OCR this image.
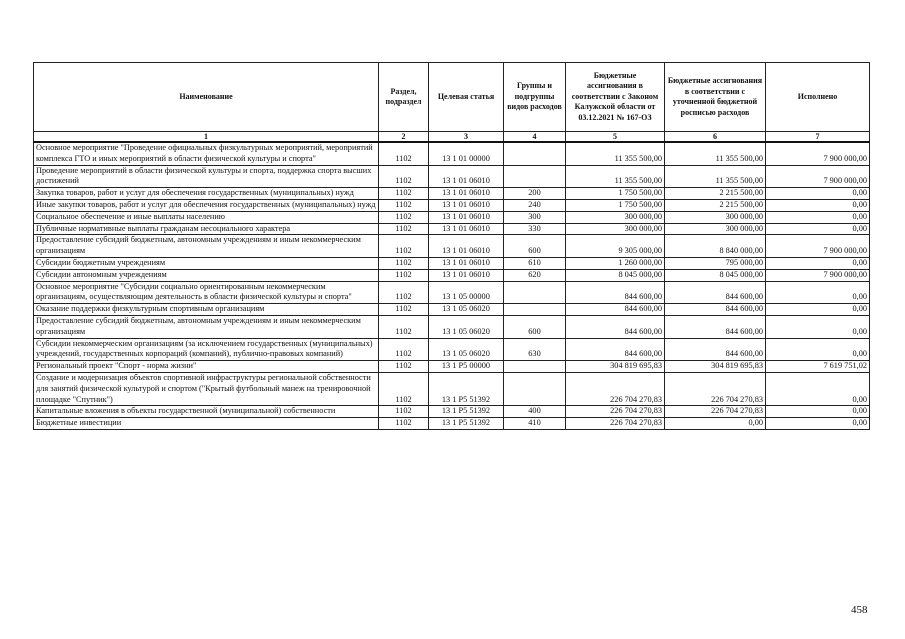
Наименование	Раздел, подраздел	Целевая статья	Группы и подгруппы видов расходов	Бюджетные ассигнования в соответствии с Законом Калужской области от 03.12.2021 № 167-ОЗ	Бюджетные ассигнования в соответствии с уточненной бюджетной росписью расходов	Исполнено
1	2	3	4	5	6	7
Основное мероприятие "Проведение официальных физкультурных мероприятий, мероприятий комплекса ГТО и иных мероприятий в области физической культуры и спорта"	1102	13 1 01 00000		11 355 500,00	11 355 500,00	7 900 000,00
Проведение мероприятий в области физической культуры и спорта, поддержка спорта высших достижений	1102	13 1 01 06010		11 355 500,00	11 355 500,00	7 900 000,00
Закупка товаров, работ и услуг для обеспечения государственных (муниципальных) нужд	1102	13 1 01 06010	200	1 750 500,00	2 215 500,00	0,00
Иные закупки товаров, работ и услуг для обеспечения государственных (муниципальных) нужд	1102	13 1 01 06010	240	1 750 500,00	2 215 500,00	0,00
Социальное обеспечение и иные выплаты населению	1102	13 1 01 06010	300	300 000,00	300 000,00	0,00
Публичные нормативные выплаты гражданам несоциального характера	1102	13 1 01 06010	330	300 000,00	300 000,00	0,00
Предоставление субсидий бюджетным, автономным учреждениям и иным некоммерческим организациям	1102	13 1 01 06010	600	9 305 000,00	8 840 000,00	7 900 000,00
Субсидии бюджетным учреждениям	1102	13 1 01 06010	610	1 260 000,00	795 000,00	0,00
Субсидии автономным учреждениям	1102	13 1 01 06010	620	8 045 000,00	8 045 000,00	7 900 000,00
Основное мероприятие "Субсидии социально ориентированным некоммерческим организациям, осуществляющим деятельность в области физической культуры и спорта"	1102	13 1 05 00000		844 600,00	844 600,00	0,00
Оказание поддержки физкультурным спортивным организациям	1102	13 1 05 06020		844 600,00	844 600,00	0,00
Предоставление субсидий бюджетным, автономным учреждениям и иным некоммерческим организациям	1102	13 1 05 06020	600	844 600,00	844 600,00	0,00
Субсидии некоммерческим организациям (за исключением государственных (муниципальных) учреждений, государственных корпораций (компаний), публично-правовых компаний)	1102	13 1 05 06020	630	844 600,00	844 600,00	0,00
Региональный проект "Спорт - норма жизни"	1102	13 1 P5 00000		304 819 695,83	304 819 695,83	7 619 751,02
Создание и модернизация объектов спортивной инфраструктуры региональной собственности для занятий физической культурой и спортом ("Крытый футбольный манеж на тренировочной площадке "Спутник")	1102	13 1 P5 51392		226 704 270,83	226 704 270,83	0,00
Капитальные вложения в объекты государственной (муниципальной) собственности	1102	13 1 P5 51392	400	226 704 270,83	226 704 270,83	0,00
Бюджетные инвестиции	1102	13 1 P5 51392	410	226 704 270,83	0,00	0,00
458
